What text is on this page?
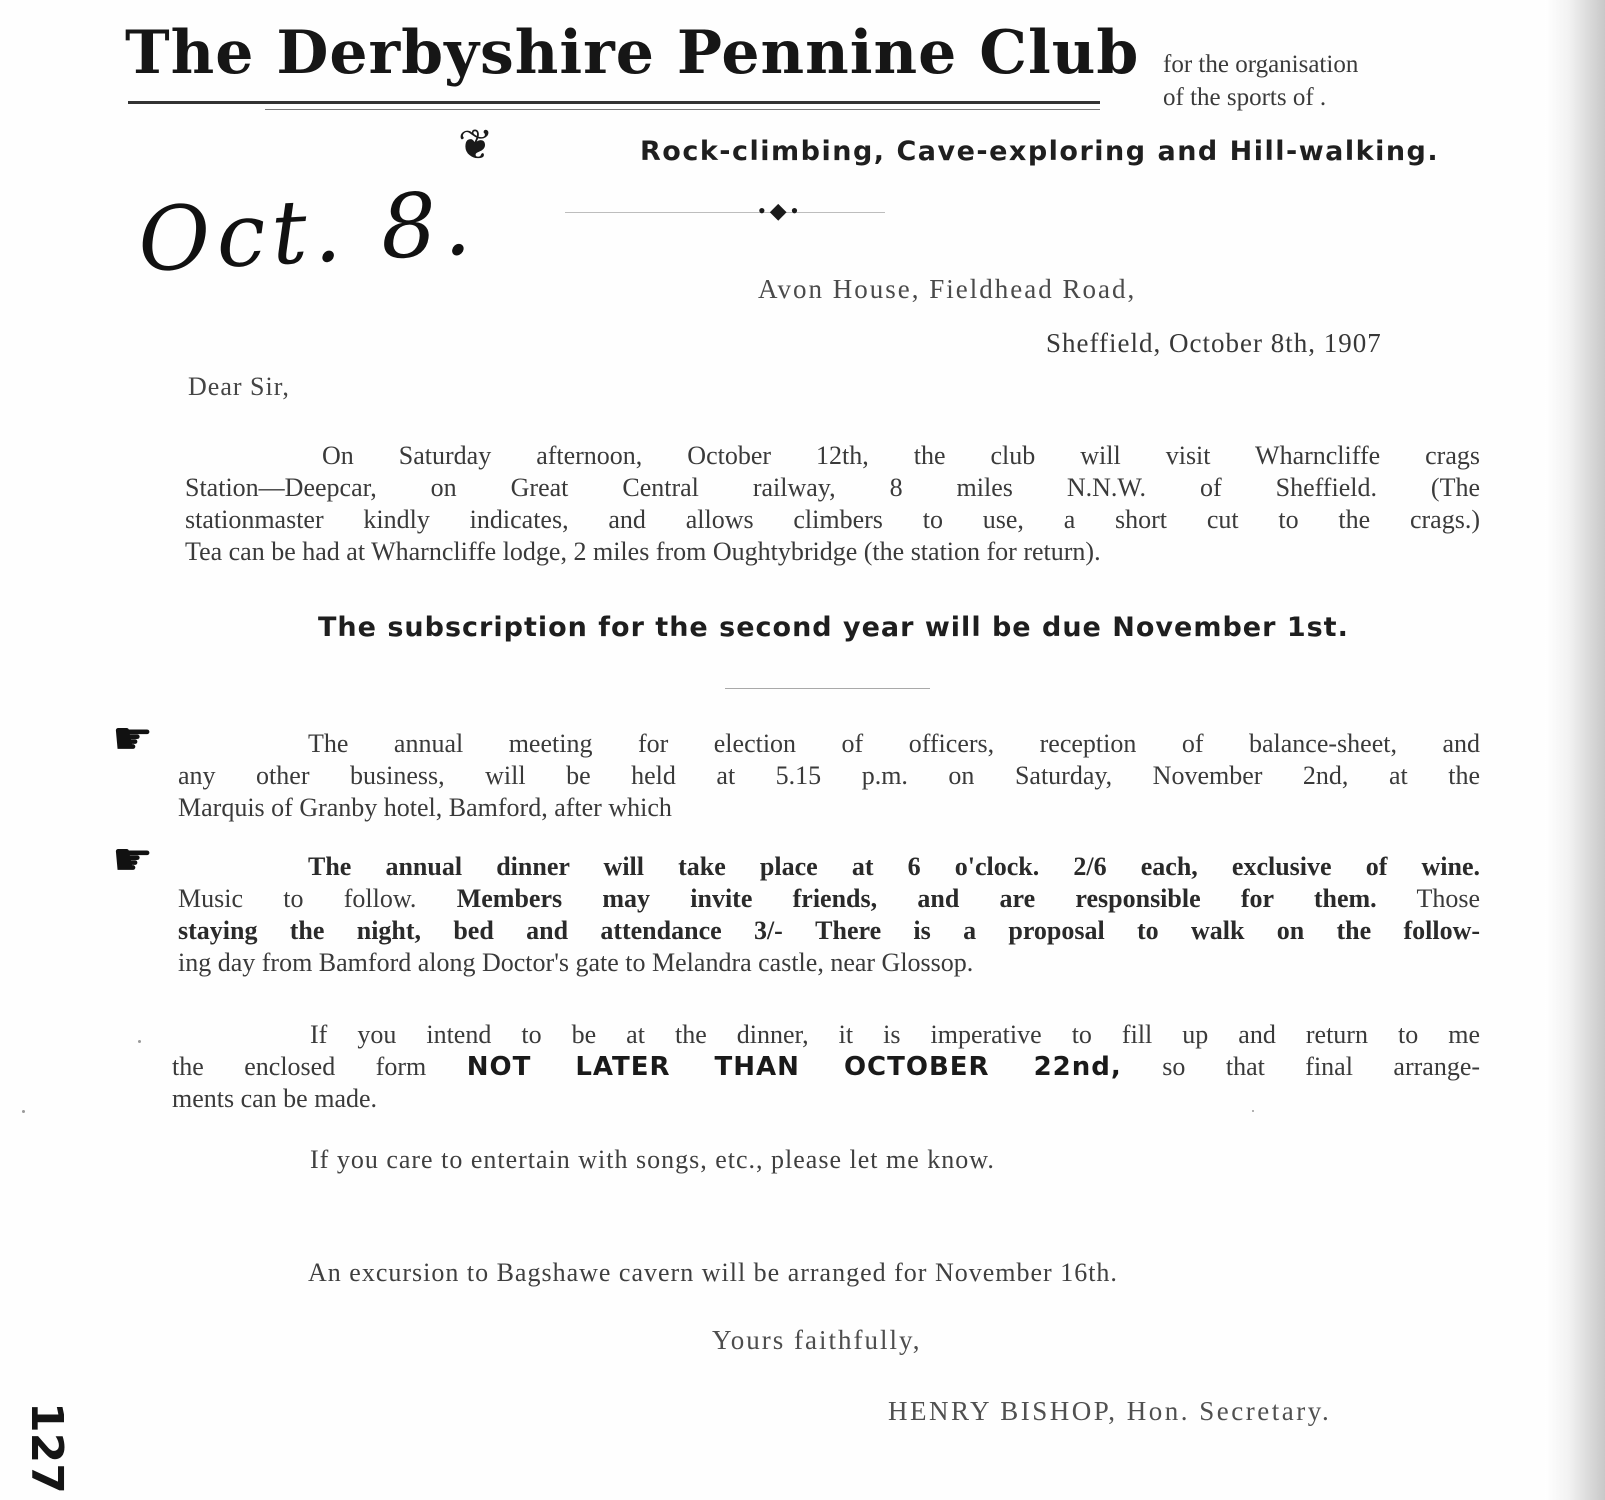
The Derbyshire Pennine Club for the organisation
of the sports of .
❦	Rock-climbing, Cave-exploring and Hill-walking.
•◆•
Oct. 8.	Avon House, Fieldhead Road,
Sheffield, October 8th, 1907
Dear Sir,
On Saturday afternoon, October 12th, the club will visit Wharncliffe crags
Station—Deepcar, on Great Central railway, 8 miles N.N.W. of Sheffield. (The
stationmaster kindly indicates, and allows climbers to use, a short cut to the crags.)
Tea can be had at Wharncliffe lodge, 2 miles from Oughtybridge (the station for return).
The subscription for the second year will be due November 1st.
☛
☛
The annual meeting for election of officers, reception of balance-sheet, and
any other business, will be held at 5.15 p.m. on Saturday, November 2nd, at the
Marquis of Granby hotel, Bamford, after which
The annual dinner will take place at 6 o'clock. 2/6 each, exclusive of wine.
Music to follow. Members may invite friends, and are responsible for them. Those
staying the night, bed and attendance 3/- There is a proposal to walk on the follow-
ing day from Bamford along Doctor's gate to Melandra castle, near Glossop.
If you intend to be at the dinner, it is imperative to fill up and return to me
the enclosed form NOT LATER THAN OCTOBER 22nd, so that final arrange-
ments can be made.
If you care to entertain with songs, etc., please let me know.
An excursion to Bagshawe cavern will be arranged for November 16th.
Yours faithfully,
HENRY BISHOP, Hon. Secretary.
127
